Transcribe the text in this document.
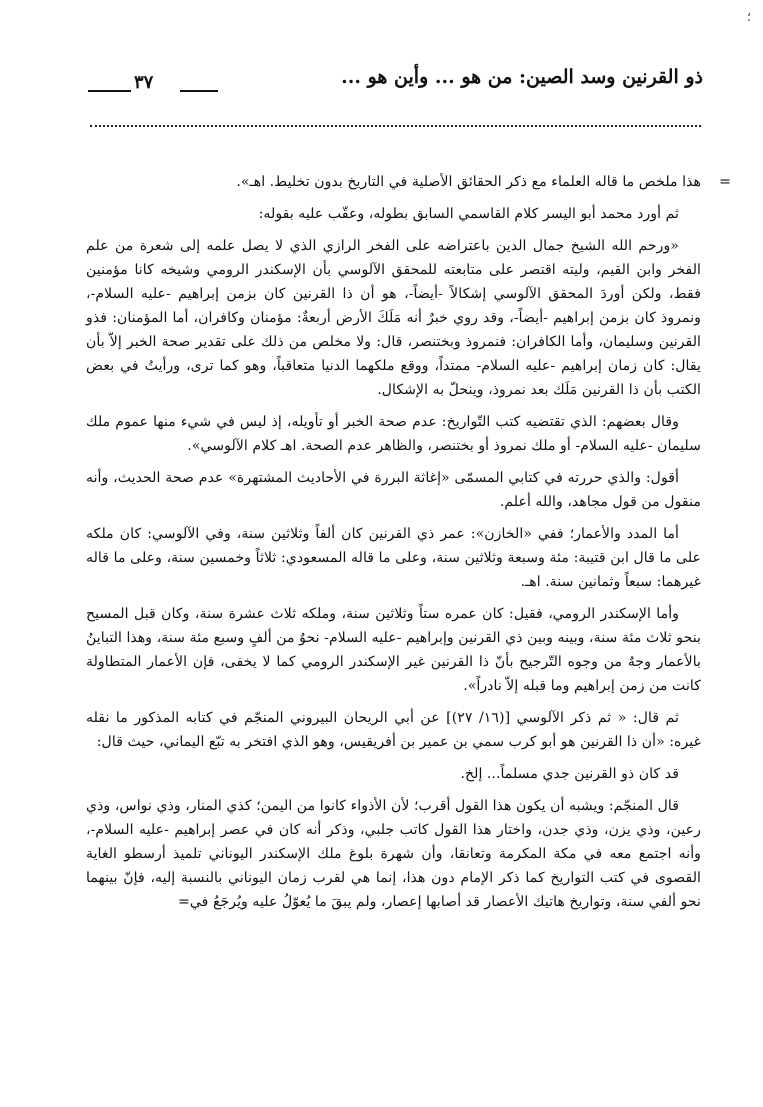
؛
ذو القرنين وسد الصين: من هو ... وأين هو ...
٣٧

=
هذا ملخص ما قاله العلماء مع ذكر الحقائق الأصلية في التاريخ بدون تخليط. اهـ».

ثم أورد محمد أبو اليسر كلام القاسمي السابق بطوله، وعقّب عليه بقوله:

«ورحم الله الشيخ جمال الدين باعتراضه على الفخر الرازي الذي لا يصل علمه إلى شعرة من علم الفخر وابن القيم، وليته اقتصر على متابعته للمحقق الآلوسي بأن الإسكندر الرومي وشيخه كانا مؤمنين فقط، ولكن أوردَ المحقق الآلوسي إشكالاً -أيضاً-، هو أن ذا القرنين كان بزمن إبراهيم -عليه السلام-، ونمروذ كان بزمن إبراهيم -أيضاً-، وقد روي خبرٌ أنه مَلَكَ الأرض أربعةٌ: مؤمنان وكافران، أما المؤمنان: فذو القرنين وسليمان، وأما الكافران: فنمروذ وبختنصر، قال: ولا مخلص من ذلك على تقدير صحة الخبر إلاّ بأن يقال: كان زمان إبراهيم -عليه السلام- ممتداً، ووقع ملكهما الدنيا متعاقباً، وهو كما ترى، ورأيتُ في بعض الكتب بأن ذا القرنين مَلَك بعد نمروذ، وينحلّ به الإشكال.

وقال بعضهم: الذي تقتضيه كتب التّواريخ: عدم صحة الخبر أو تأويله، إذ ليس في شيء منها عموم ملك سليمان -عليه السلام- أو ملك نمروذ أو بختنصر، والظاهر عدم الصحة. اهـ كلام الآلوسي».

أقول: والذي حررته في كتابي المسمّى «إغاثة البررة في الأحاديث المشتهرة» عدم صحة الحديث، وأنه منقول من قول مجاهد، والله أعلم.

أما المدد والأعمار؛ ففي «الخازن»: عمر ذي القرنين كان ألفاً وثلاثين سنة، وفي الآلوسي: كان ملكه على ما قال ابن قتيبة: مئة وسبعة وثلاثين سنة، وعلى ما قاله المسعودي: ثلاثاً وخمسين سنة، وعلى ما قاله غيرهما: سبعاً وثمانين سنة. اهـ.

وأما الإسكندر الرومي، فقيل: كان عمره ستاً وثلاثين سنة، وملكه ثلاث عشرة سنة، وكان قبل المسيح بنحو ثلاث مئة سنة، وبينه وبين ذي القرنين وإبراهيم -عليه السلام- نحوٌ من ألفٍ وسبع مئة سنة، وهذا التباينُ بالأعمار وجهٌ من وجوه التّرجيح بأنّ ذا القرنين غير الإسكندر الرومي كما لا يخفى، فإن الأعمار المتطاولة كانت من زمن إبراهيم وما قبله إلاّ نادراً».

ثم قال: « ثم ذكر الآلوسي [(١٦/ ٢٧)] عن أبي الريحان البيروني المنجّم في كتابه المذكور ما نقله غيره: «أن ذا القرنين هو أبو كرب سمي بن عمير بن أفريقيس، وهو الذي افتخر به تبّع اليماني، حيث قال:

قد كان ذو القرنين جدي مسلماً... إلخ.

قال المنجّم: ويشبه أن يكون هذا القول أقرب؛ لأن الأذواء كانوا من اليمن؛ كذي المنار، وذي نواس، وذي رعين، وذي يزن، وذي جدن، واختار هذا القول كاتب جلبي، وذكر أنه كان في عصر إبراهيم -عليه السلام-، وأنه اجتمع معه في مكة المكرمة وتعانقا، وأن شهرة بلوغ ملك الإسكندر اليوناني تلميذ أرسطو الغاية القصوى في كتب التواريخ كما ذكر الإمام دون هذا، إنما هي لقرب زمان اليوناني بالنسبة إليه، فإنّ بينهما نحو ألفي سنة، وتواريخ هاتيك الأعصار قد أصابها إعصار، ولم يبقَ ما يُعوّلُ عليه ويُرجَعُ في=
